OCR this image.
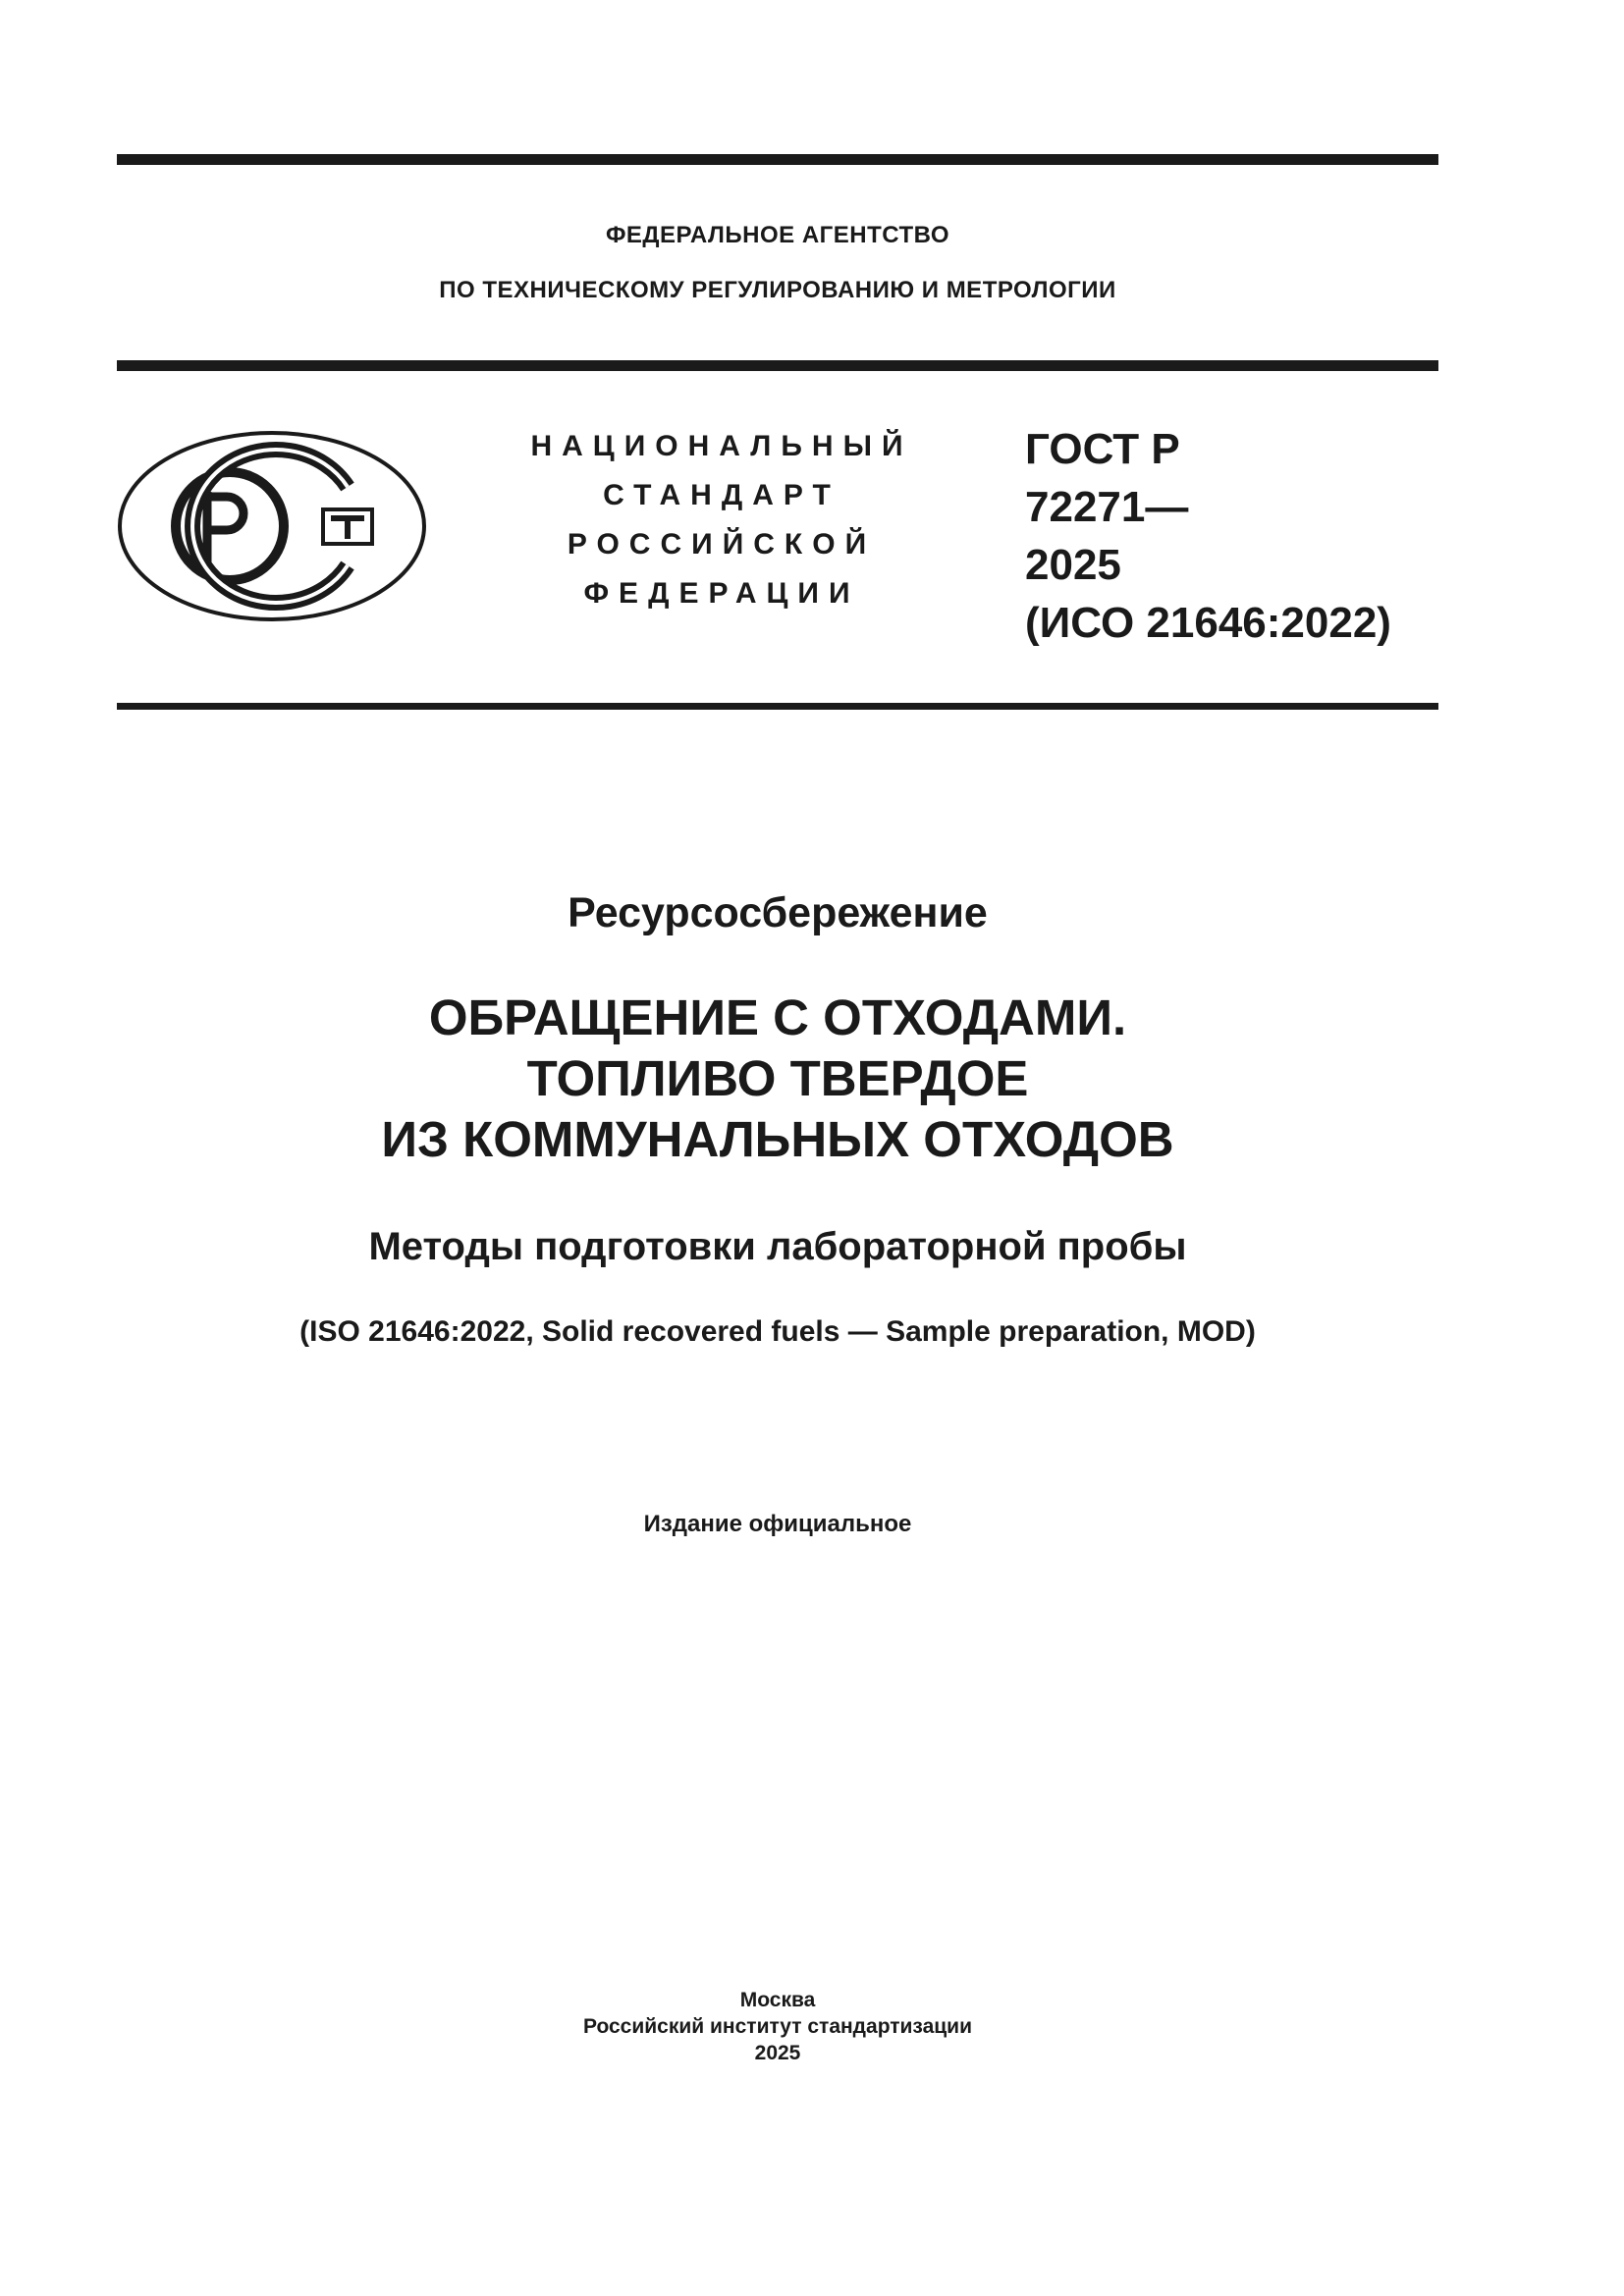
ФЕДЕРАЛЬНОЕ АГЕНТСТВО
ПО ТЕХНИЧЕСКОМУ РЕГУЛИРОВАНИЮ И МЕТРОЛОГИИ
НАЦИОНАЛЬНЫЙ
СТАНДАРТ
РОССИЙСКОЙ
ФЕДЕРАЦИИ
ГОСТ Р
72271—
2025
(ИСО 21646:2022)
Ресурсосбережение
ОБРАЩЕНИЕ С ОТХОДАМИ.
ТОПЛИВО ТВЕРДОЕ
ИЗ КОММУНАЛЬНЫХ ОТХОДОВ
Методы подготовки лабораторной пробы
(ISO 21646:2022, Solid recovered fuels — Sample preparation, MOD)
Издание официальное
Москва
Российский институт стандартизации
2025
